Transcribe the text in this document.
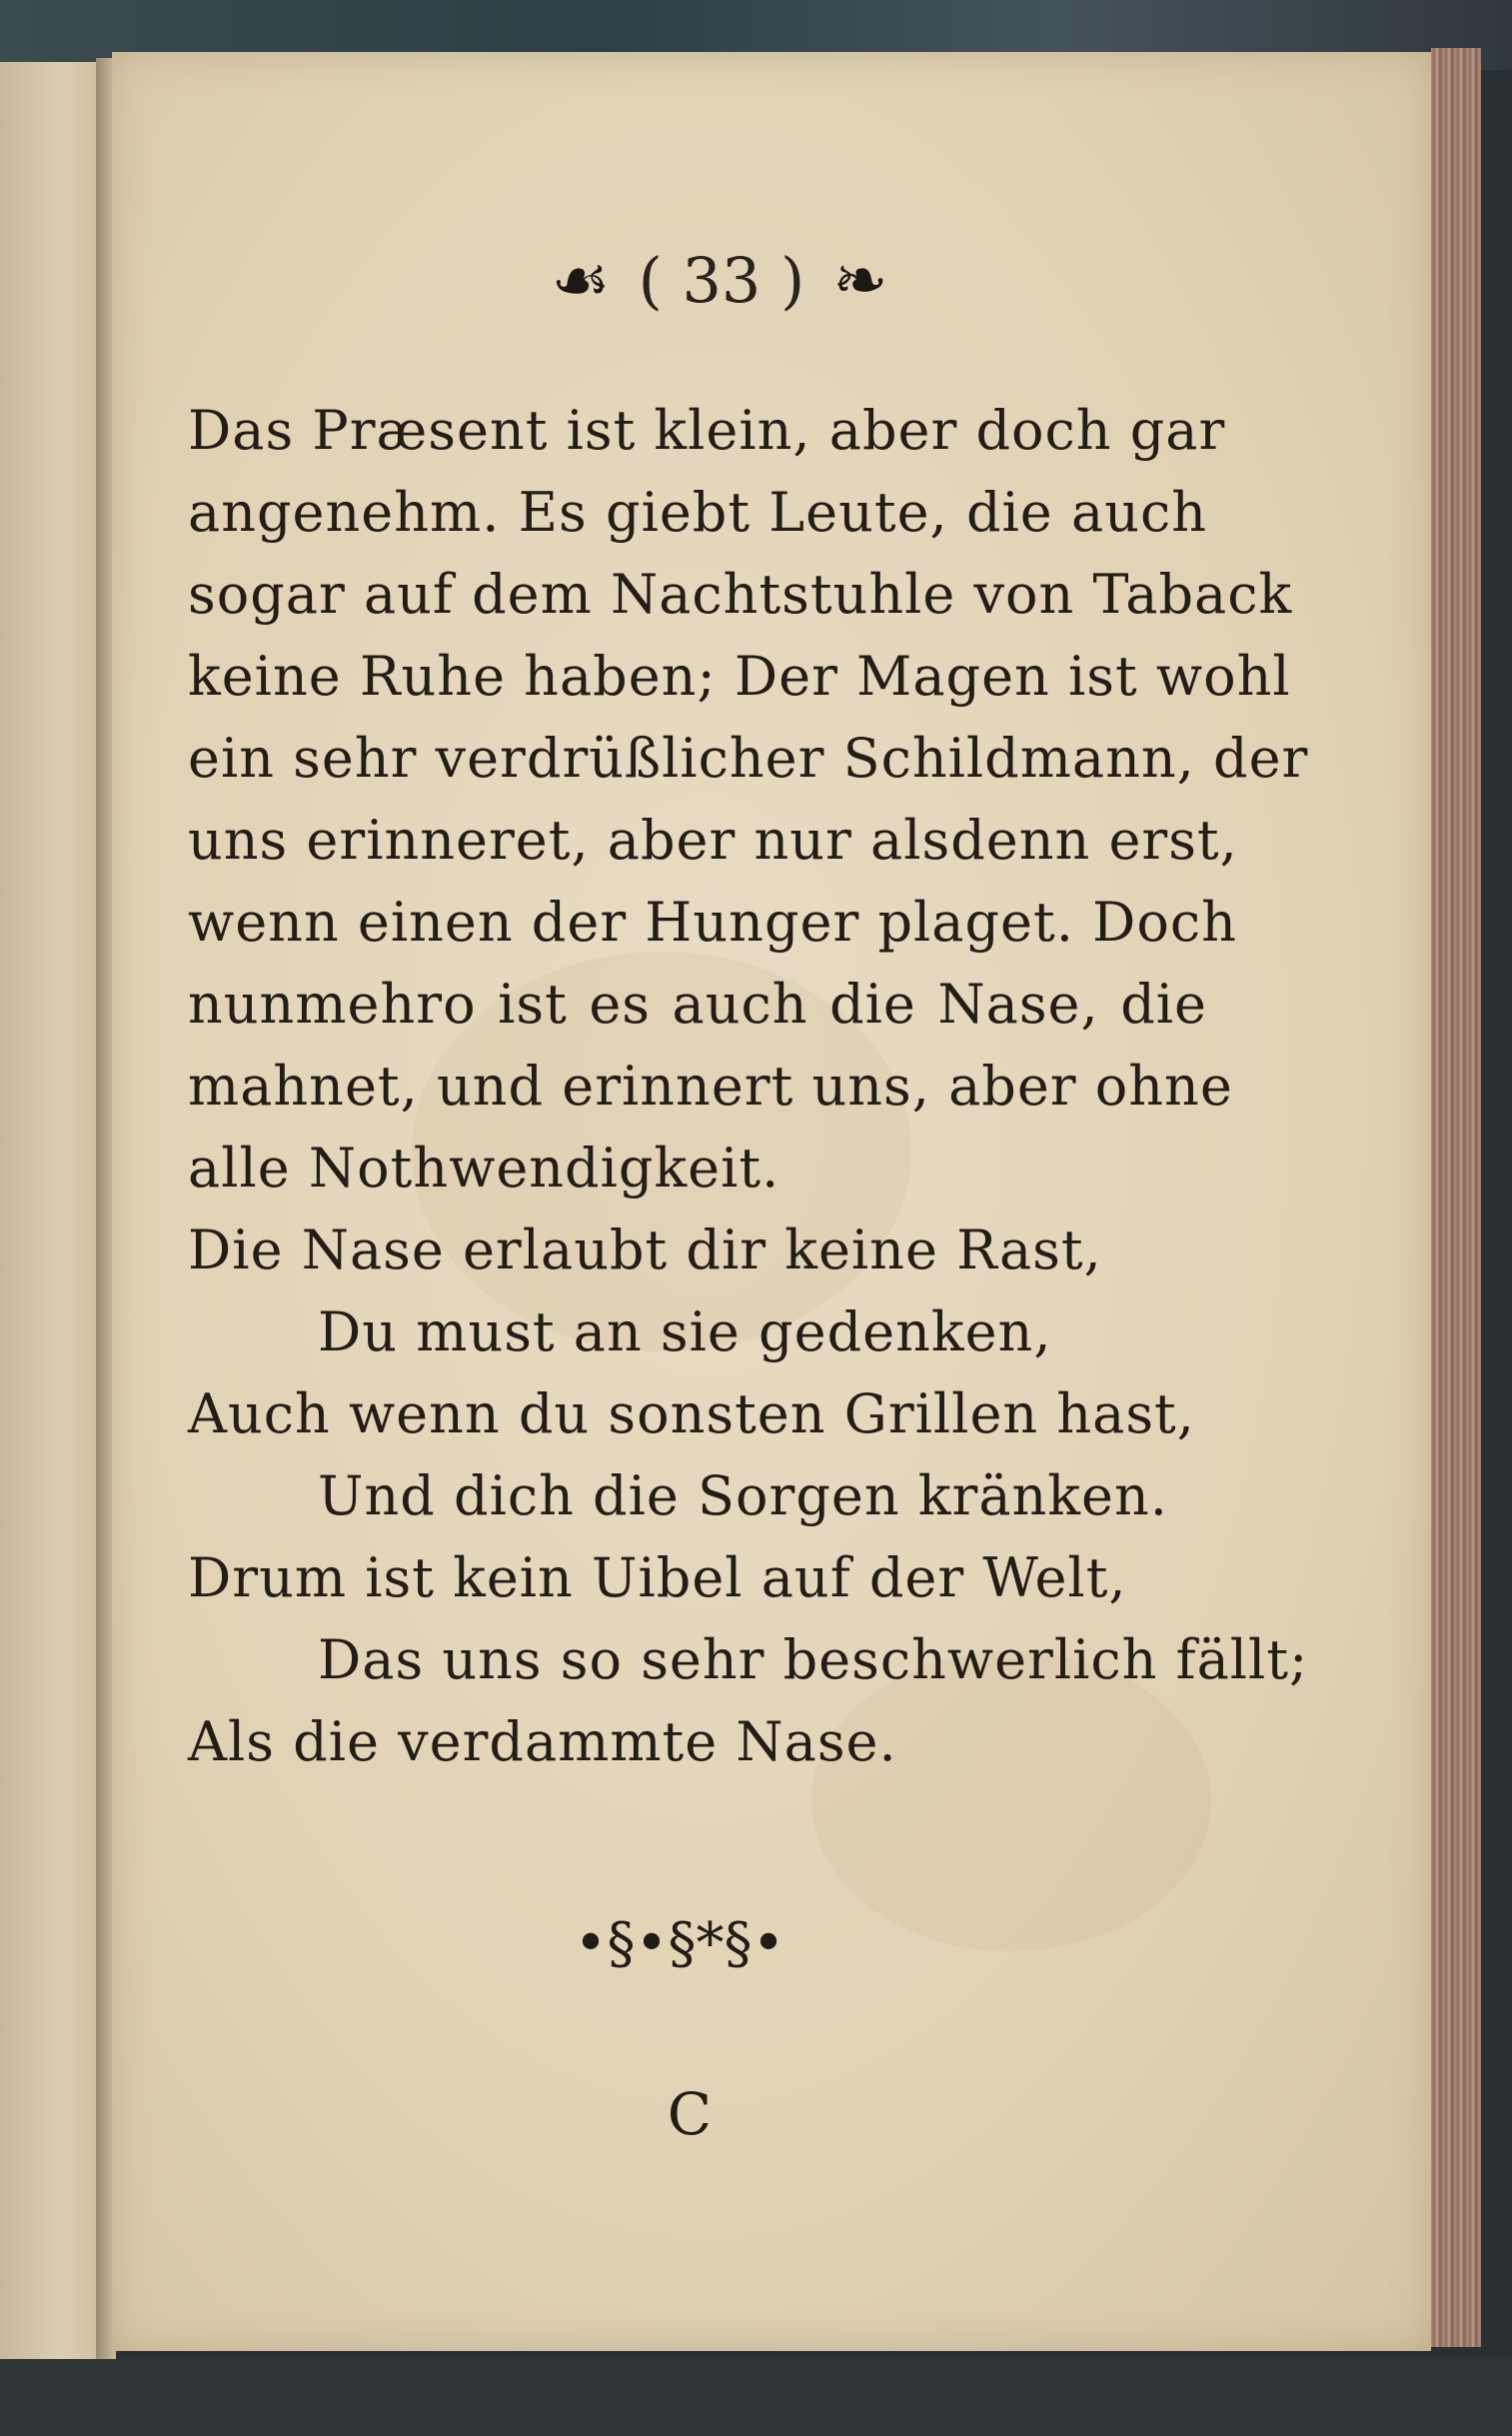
☙ ( 33 ) ❧
Das Præsent ist klein, aber doch gar
angenehm. Es giebt Leute, die auch
sogar auf dem Nachtstuhle von Taback
keine Ruhe haben; Der Magen ist wohl
ein sehr verdrüßlicher Schildmann, der
uns erinneret, aber nur alsdenn erst,
wenn einen der Hunger plaget. Doch
nunmehro ist es auch die Nase, die
mahnet, und erinnert uns, aber ohne
alle Nothwendigkeit.
Die Nase erlaubt dir keine Rast,
Du must an sie gedenken,
Auch wenn du sonsten Grillen hast,
Und dich die Sorgen kränken.
Drum ist kein Uibel auf der Welt,
Das uns so sehr beschwerlich fällt;
Als die verdammte Nase.
•§•§*§•
C
